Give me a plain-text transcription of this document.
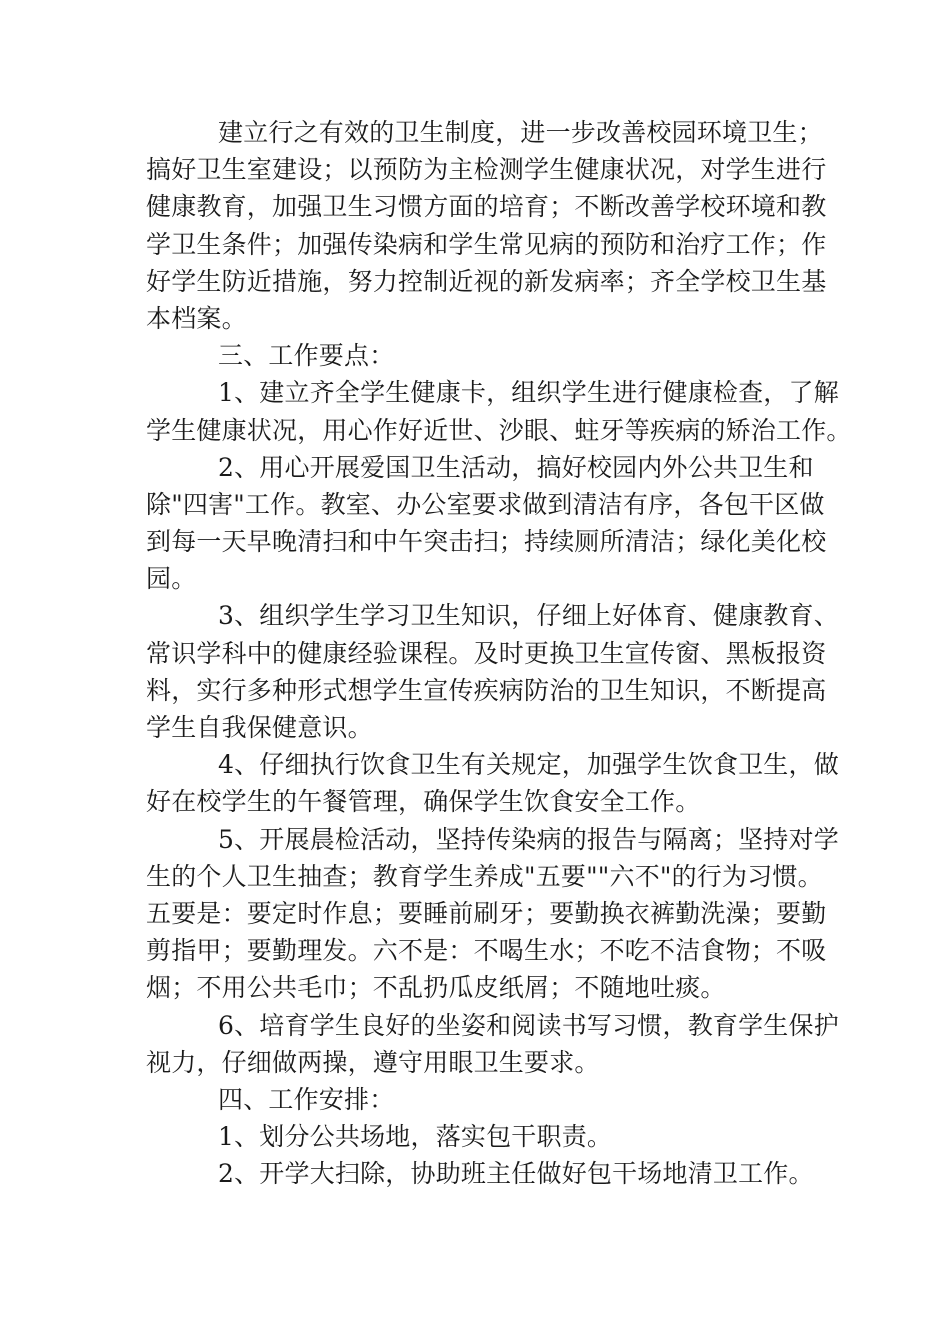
建立行之有效的卫生制度，进一步改善校园环境卫生；
搞好卫生室建设；以预防为主检测学生健康状况，对学生进行
健康教育，加强卫生习惯方面的培育；不断改善学校环境和教
学卫生条件；加强传染病和学生常见病的预防和治疗工作；作
好学生防近措施，努力控制近视的新发病率；齐全学校卫生基
本档案。
三、工作要点：
1、建立齐全学生健康卡，组织学生进行健康检查，了解
学生健康状况，用心作好近世、沙眼、蛀牙等疾病的矫治工作。
2、用心开展爱国卫生活动，搞好校园内外公共卫生和
除"四害"工作。教室、办公室要求做到清洁有序，各包干区做
到每一天早晚清扫和中午突击扫；持续厕所清洁；绿化美化校
园。
3、组织学生学习卫生知识，仔细上好体育、健康教育、
常识学科中的健康经验课程。及时更换卫生宣传窗、黑板报资
料，实行多种形式想学生宣传疾病防治的卫生知识，不断提高
学生自我保健意识。
4、仔细执行饮食卫生有关规定，加强学生饮食卫生，做
好在校学生的午餐管理，确保学生饮食安全工作。
5、开展晨检活动，坚持传染病的报告与隔离；坚持对学
生的个人卫生抽查；教育学生养成"五要""六不"的行为习惯。
五要是：要定时作息；要睡前刷牙；要勤换衣裤勤洗澡；要勤
剪指甲；要勤理发。六不是：不喝生水；不吃不洁食物；不吸
烟；不用公共毛巾；不乱扔瓜皮纸屑；不随地吐痰。
6、培育学生良好的坐姿和阅读书写习惯，教育学生保护
视力，仔细做两操，遵守用眼卫生要求。
四、工作安排：
1、划分公共场地，落实包干职责。
2、开学大扫除，协助班主任做好包干场地清卫工作。
